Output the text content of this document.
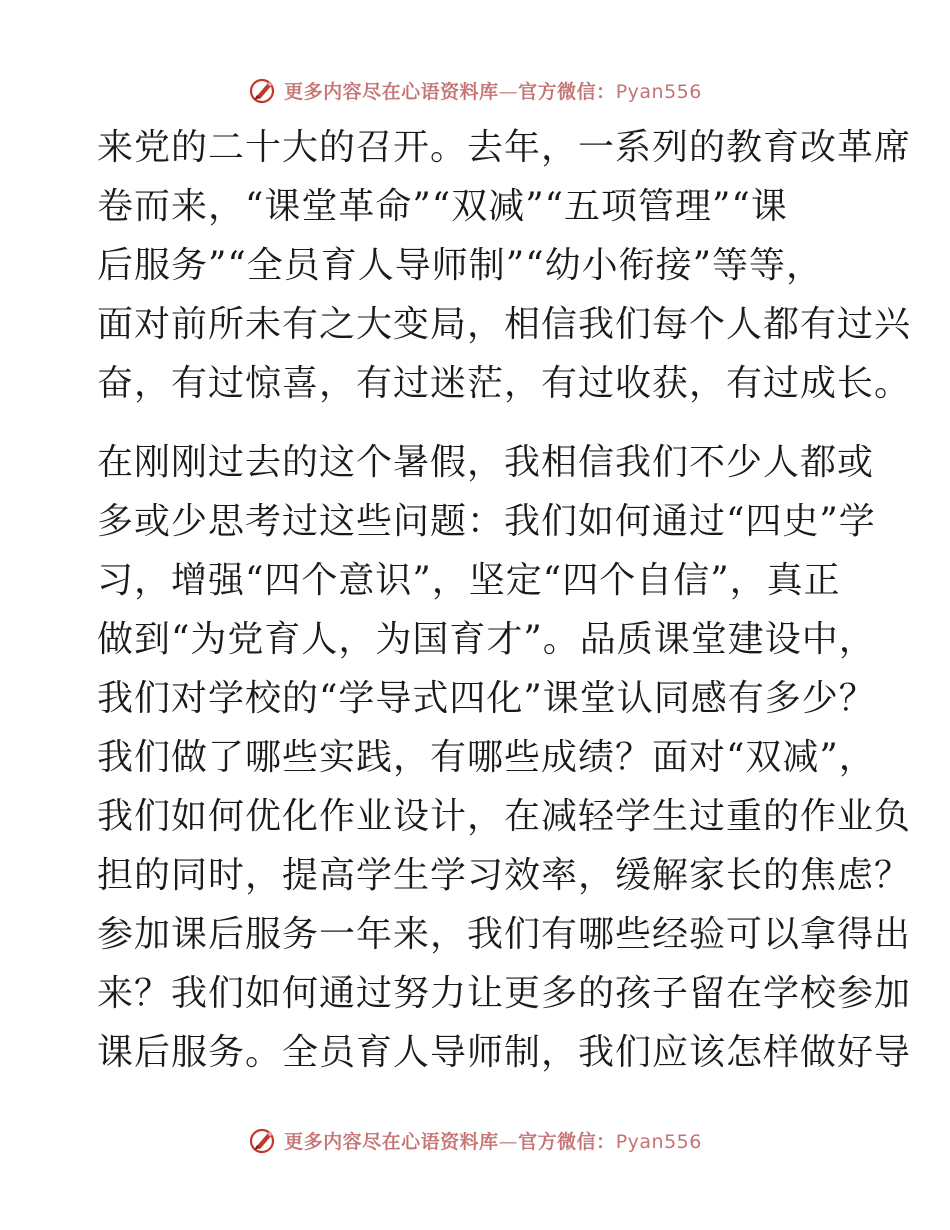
更多内容尽在心语资料库—官方微信：Pyan556
来党的二十大的召开。去年，一系列的教育改革席
卷而来，“课堂革命”“双减”“五项管理”“课
后服务”“全员育人导师制”“幼小衔接”等等，
面对前所未有之大变局，相信我们每个人都有过兴
奋，有过惊喜，有过迷茫，有过收获，有过成长。
在刚刚过去的这个暑假，我相信我们不少人都或
多或少思考过这些问题：我们如何通过“四史”学
习，增强“四个意识”，坚定“四个自信”，真正
做到“为党育人，为国育才”。品质课堂建设中，
我们对学校的“学导式四化”课堂认同感有多少？
我们做了哪些实践，有哪些成绩？面对“双减”，
我们如何优化作业设计，在减轻学生过重的作业负
担的同时，提高学生学习效率，缓解家长的焦虑？
参加课后服务一年来，我们有哪些经验可以拿得出
来？我们如何通过努力让更多的孩子留在学校参加
课后服务。全员育人导师制，我们应该怎样做好导
更多内容尽在心语资料库—官方微信：Pyan556
